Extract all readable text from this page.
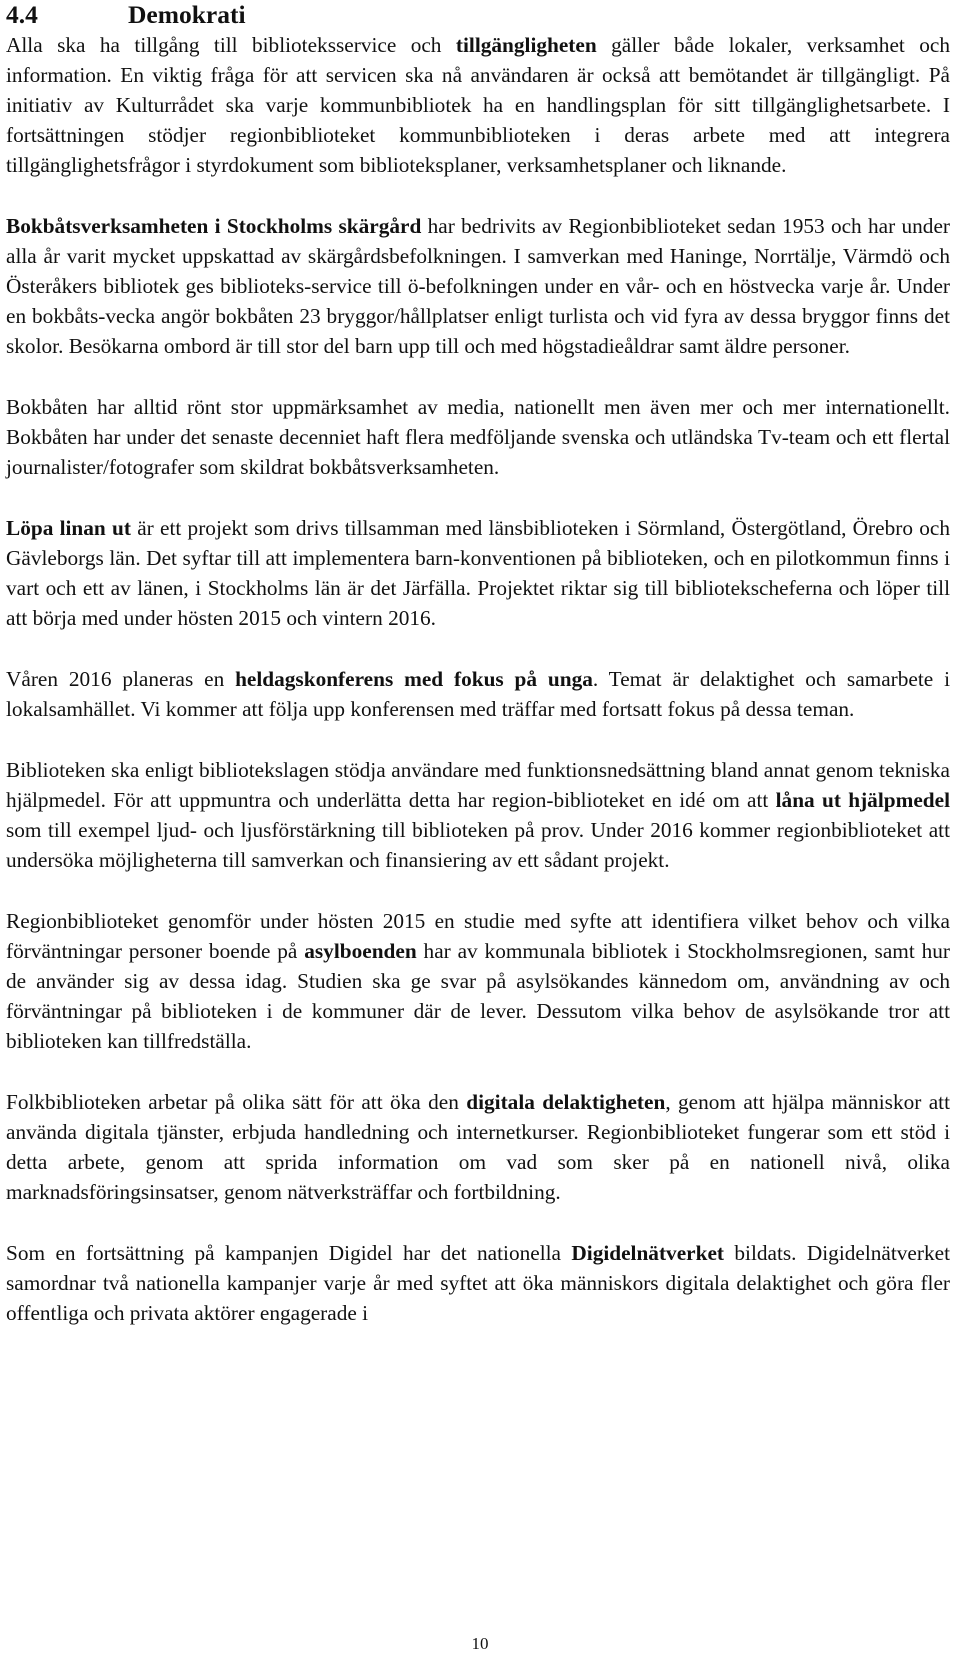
4.4	Demokrati

Alla ska ha tillgång till biblioteksservice och tillgängligheten gäller både lokaler, verksamhet och information. En viktig fråga för att servicen ska nå användaren är också att bemötandet är tillgängligt. På initiativ av Kulturrådet ska varje kommunbibliotek ha en handlingsplan för sitt tillgänglighetsarbete. I fortsättningen stödjer regionbiblioteket kommunbiblioteken i deras arbete med att integrera tillgänglighetsfrågor i styrdokument som biblioteksplaner, verksamhetsplaner och liknande.

Bokbåtsverksamheten i Stockholms skärgård har bedrivits av Regionbiblioteket sedan 1953 och har under alla år varit mycket uppskattad av skärgårdsbefolkningen. I samverkan med Haninge, Norrtälje, Värmdö och Österåkers bibliotek ges biblioteks-service till ö-befolkningen under en vår- och en höstvecka varje år. Under en bokbåts-vecka angör bokbåten 23 bryggor/hållplatser enligt turlista och vid fyra av dessa bryggor finns det skolor. Besökarna ombord är till stor del barn upp till och med högstadieåldrar samt äldre personer.

Bokbåten har alltid rönt stor uppmärksamhet av media, nationellt men även mer och mer internationellt. Bokbåten har under det senaste decenniet haft flera medföljande svenska och utländska Tv-team och ett flertal journalister/fotografer som skildrat bokbåtsverksamheten.

Löpa linan ut är ett projekt som drivs tillsamman med länsbiblioteken i Sörmland, Östergötland, Örebro och Gävleborgs län. Det syftar till att implementera barn-konventionen på biblioteken, och en pilotkommun finns i vart och ett av länen, i Stockholms län är det Järfälla. Projektet riktar sig till bibliotekscheferna och löper till att börja med under hösten 2015 och vintern 2016.

Våren 2016 planeras en heldagskonferens med fokus på unga. Temat är delaktighet och samarbete i lokalsamhället. Vi kommer att följa upp konferensen med träffar med fortsatt fokus på dessa teman.

Biblioteken ska enligt bibliotekslagen stödja användare med funktionsnedsättning bland annat genom tekniska hjälpmedel. För att uppmuntra och underlätta detta har region-biblioteket en idé om att låna ut hjälpmedel som till exempel ljud- och ljusförstärkning till biblioteken på prov. Under 2016 kommer regionbiblioteket att undersöka möjligheterna till samverkan och finansiering av ett sådant projekt.

Regionbiblioteket genomför under hösten 2015 en studie med syfte att identifiera vilket behov och vilka förväntningar personer boende på asylboenden har av kommunala bibliotek i Stockholmsregionen, samt hur de använder sig av dessa idag. Studien ska ge svar på asylsökandes kännedom om, användning av och förväntningar på biblioteken i de kommuner där de lever. Dessutom vilka behov de asylsökande tror att biblioteken kan tillfredställa.

Folkbiblioteken arbetar på olika sätt för att öka den digitala delaktigheten, genom att hjälpa människor att använda digitala tjänster, erbjuda handledning och internetkurser. Regionbiblioteket fungerar som ett stöd i detta arbete, genom att sprida information om vad som sker på en nationell nivå, olika marknadsföringsinsatser, genom nätverksträffar och fortbildning.

Som en fortsättning på kampanjen Digidel har det nationella Digidelnätverket bildats. Digidelnätverket samordnar två nationella kampanjer varje år med syftet att öka människors digitala delaktighet och göra fler offentliga och privata aktörer engagerade i

10
